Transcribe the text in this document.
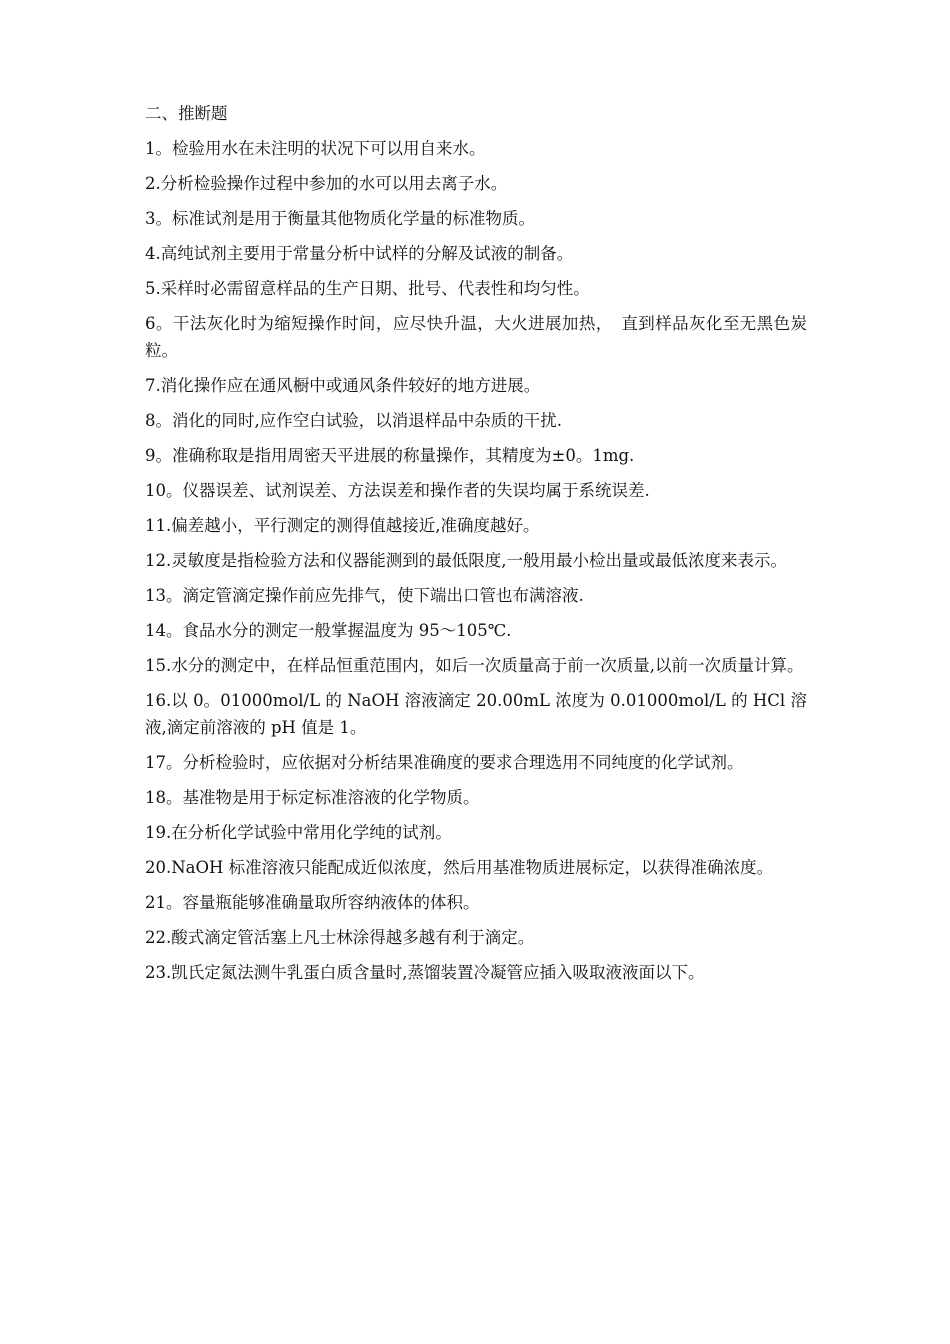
二、推断题
1。检验用水在未注明的状况下可以用自来水。
2.分析检验操作过程中参加的水可以用去离子水。
3。标准试剂是用于衡量其他物质化学量的标准物质。
4.高纯试剂主要用于常量分析中试样的分解及试液的制备。
5.采样时必需留意样品的生产日期、批号、代表性和均匀性。
6。干法灰化时为缩短操作时间，应尽快升温，大火进展加热，　直到样品灰化至无黑色炭粒。
7.消化操作应在通风橱中或通风条件较好的地方进展。
8。消化的同时,应作空白试验，以消退样品中杂质的干扰.
9。准确称取是指用周密天平进展的称量操作，其精度为±0。1mg.
10。仪器误差、试剂误差、方法误差和操作者的失误均属于系统误差.
11.偏差越小，平行测定的测得值越接近,准确度越好。
12.灵敏度是指检验方法和仪器能测到的最低限度,一般用最小检出量或最低浓度来表示。
13。滴定管滴定操作前应先排气，使下端出口管也布满溶液.
14。食品水分的测定一般掌握温度为 95～105℃.
15.水分的测定中，在样品恒重范围内，如后一次质量高于前一次质量,以前一次质量计算。
16.以 0。01000mol/L 的 NaOH 溶液滴定 20.00mL 浓度为 0.01000mol/L 的 HCl 溶液,滴定前溶液的 pH 值是 1。
17。分析检验时，应依据对分析结果准确度的要求合理选用不同纯度的化学试剂。
18。基准物是用于标定标准溶液的化学物质。
19.在分析化学试验中常用化学纯的试剂。
20.NaOH 标准溶液只能配成近似浓度，然后用基准物质进展标定，以获得准确浓度。
21。容量瓶能够准确量取所容纳液体的体积。
22.酸式滴定管活塞上凡士林涂得越多越有利于滴定。
23.凯氏定氮法测牛乳蛋白质含量时,蒸馏装置冷凝管应插入吸取液液面以下。
